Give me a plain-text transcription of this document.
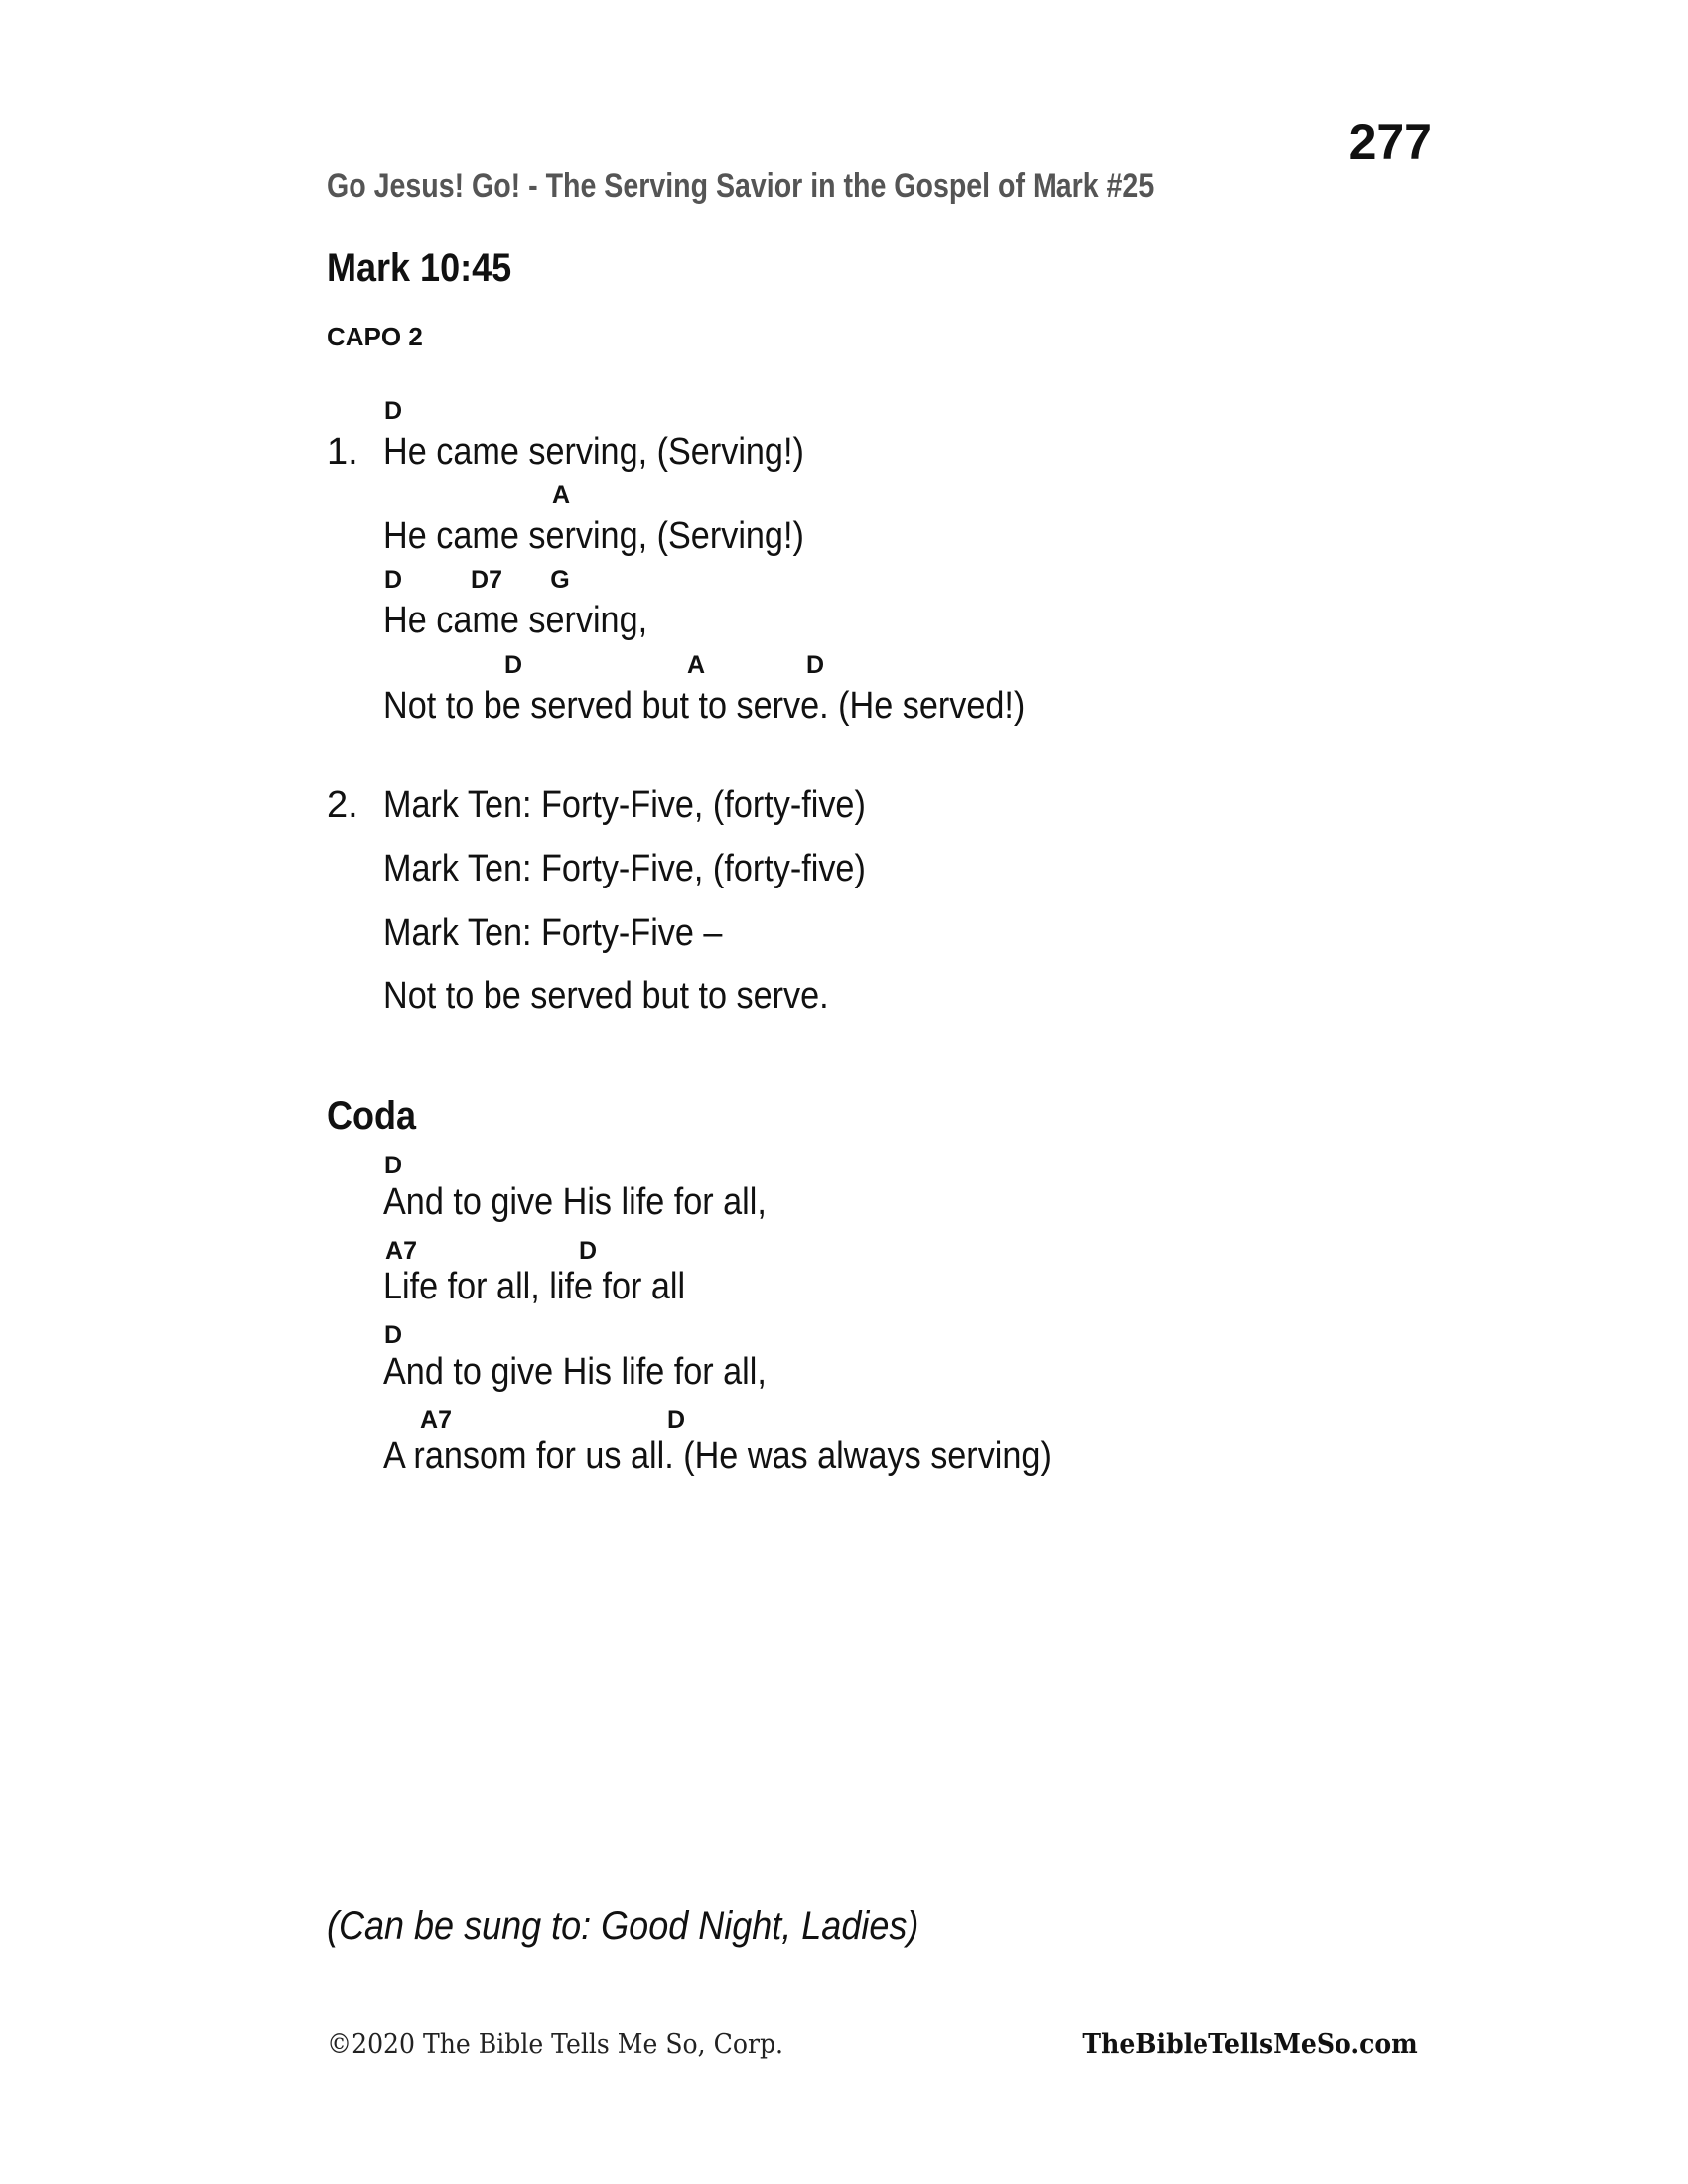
277
Go Jesus! Go! - The Serving Savior in the Gospel of Mark #25
Mark 10:45
CAPO 2
1.
D
He came serving, (Serving!)
A
He came serving, (Serving!)
D	D7 G
He came serving,
D	A	D
Not to be served but to serve. (He served!)
2. Mark Ten: Forty-Five, (forty-five)
Mark Ten: Forty-Five, (forty-five)
Mark Ten: Forty-Five –
Not to be served but to serve.
Coda
D
And to give His life for all,
A7	D
Life for all, life for all
D
And to give His life for all,
A7	D
A ransom for us all. (He was always serving)
(Can be sung to: Good Night, Ladies)
©2020 The Bible Tells Me So, Corp.	TheBibleTellsMeSo.com
